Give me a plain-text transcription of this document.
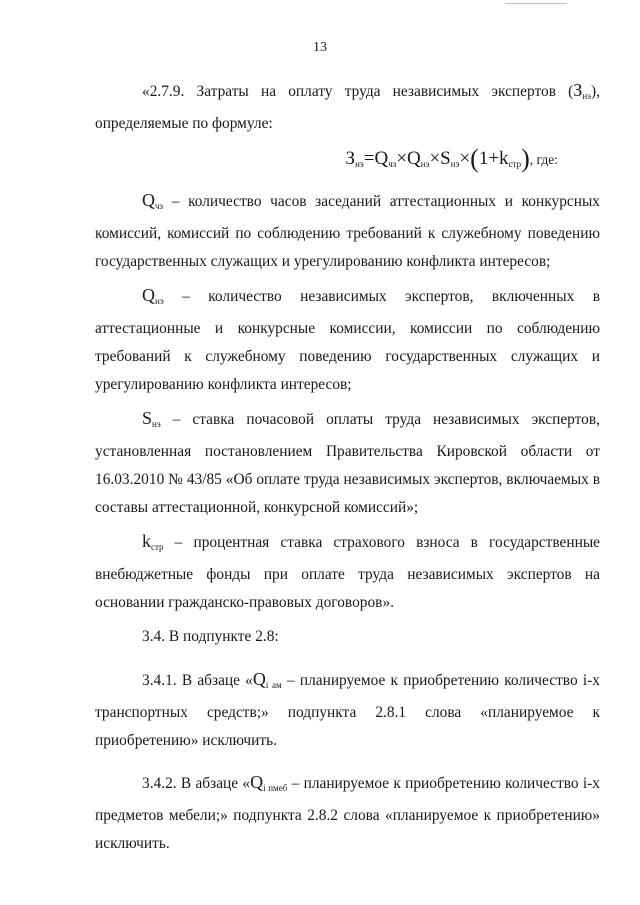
13

«2.7.9. Затраты на оплату труда независимых экспертов $(З_{нэ})$, определяемые по формуле:

$З_{нэ}=Q_{чз}\times Q_{нэ}\times S_{нэ}\times(1+k_{стр})$, где:

$Q_{чз}$ – количество часов заседаний аттестационных и конкурсных комиссий, комиссий по соблюдению требований к служебному поведению государственных служащих и урегулированию конфликта интересов;

$Q_{нэ}$ – количество независимых экспертов, включенных в аттестационные и конкурсные комиссии, комиссии по соблюдению требований к служебному поведению государственных служащих и урегулированию конфликта интересов;

$S_{нэ}$ – ставка почасовой оплаты труда независимых экспертов, установленная постановлением Правительства Кировской области от 16.03.2010 № 43/85 «Об оплате труда независимых экспертов, включаемых в составы аттестационной, конкурсной комиссий»;

$k_{стр}$ – процентная ставка страхового взноса в государственные внебюджетные фонды при оплате труда независимых экспертов на основании гражданско-правовых договоров».

3.4. В подпункте 2.8:

3.4.1. В абзаце «$Q_{i ам}$ – планируемое к приобретению количество i-х транспортных средств;» подпункта 2.8.1 слова «планируемое к приобретению» исключить.

3.4.2. В абзаце «$Q_{i пмеб}$ – планируемое к приобретению количество i-х предметов мебели;» подпункта 2.8.2 слова «планируемое к приобретению» исключить.
